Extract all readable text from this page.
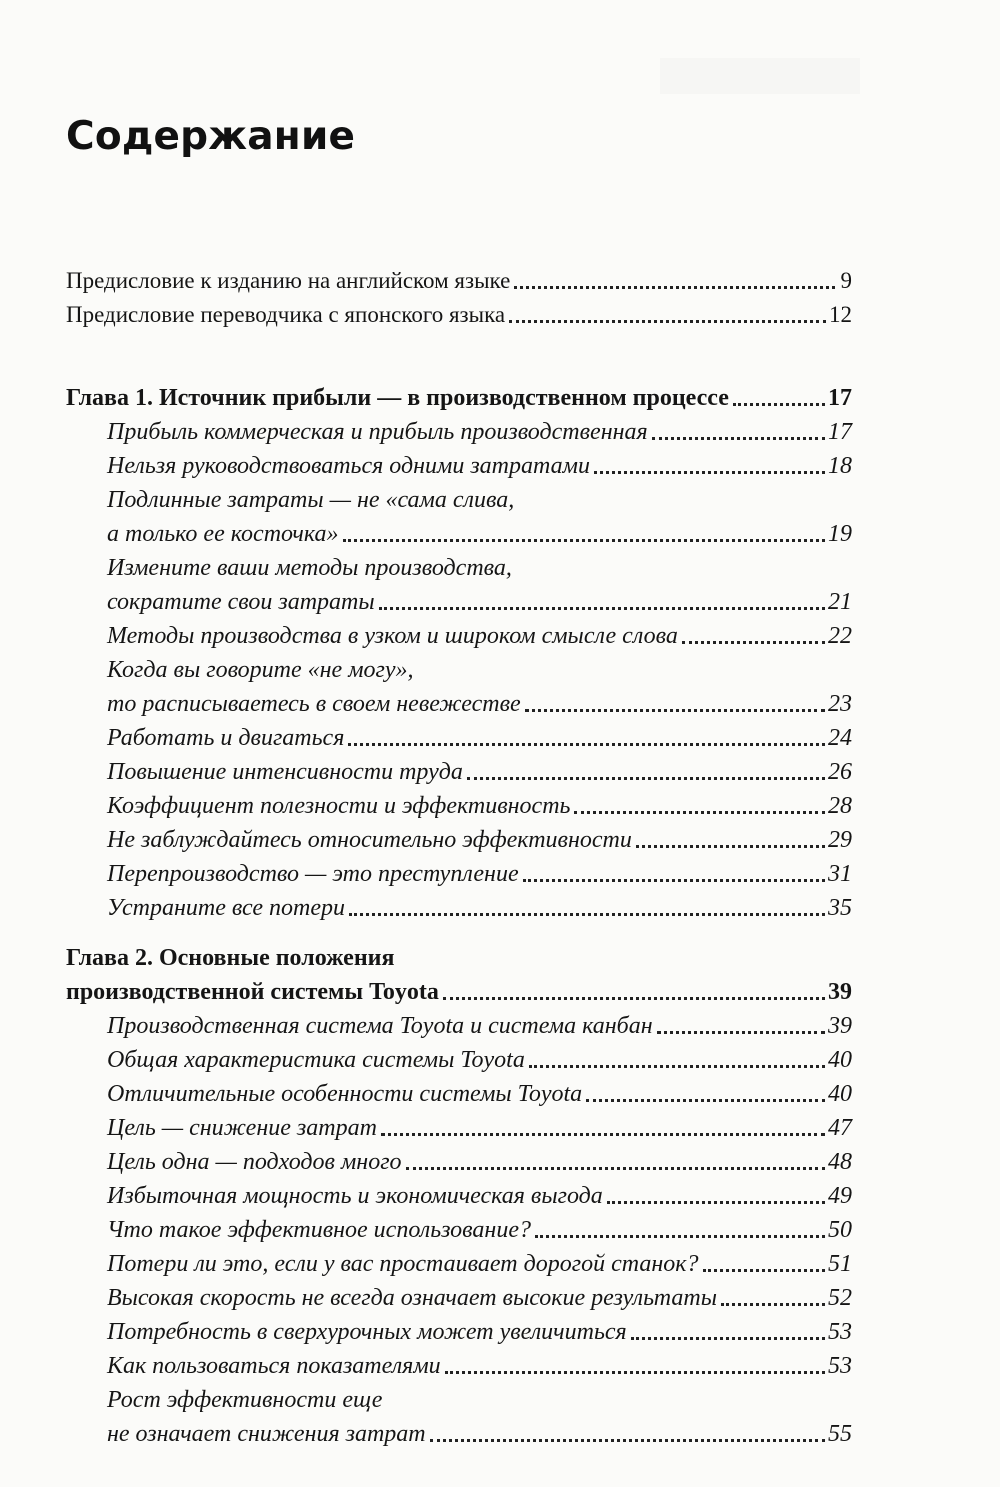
Содержание
Предисловие к изданию на английском языке	9
Предисловие переводчика с японского языка	12
Глава 1. Источник прибыли — в производственном процессе	17
Прибыль коммерческая и прибыль производственная	17
Нельзя руководствоваться одними затратами	18
Подлинные затраты — не «сама слива,
а только ее косточка»	19
Измените ваши методы производства,
сократите свои затраты	21
Методы производства в узком и широком смысле слова	22
Когда вы говорите «не могу»,
то расписываетесь в своем невежестве	23
Работать и двигаться	24
Повышение интенсивности труда	26
Коэффициент полезности и эффективность	28
Не заблуждайтесь относительно эффективности	29
Перепроизводство — это преступление	31
Устраните все потери	35
Глава 2. Основные положения
производственной системы Toyota	39
Производственная система Toyota и система канбан	39
Общая характеристика системы Toyota	40
Отличительные особенности системы Toyota	40
Цель — снижение затрат	47
Цель одна — подходов много	48
Избыточная мощность и экономическая выгода	49
Что такое эффективное использование?	50
Потери ли это, если у вас простаивает дорогой станок?	51
Высокая скорость не всегда означает высокие результаты	52
Потребность в сверхурочных может увеличиться	53
Как пользоваться показателями	53
Рост эффективности еще
не означает снижения затрат	55
